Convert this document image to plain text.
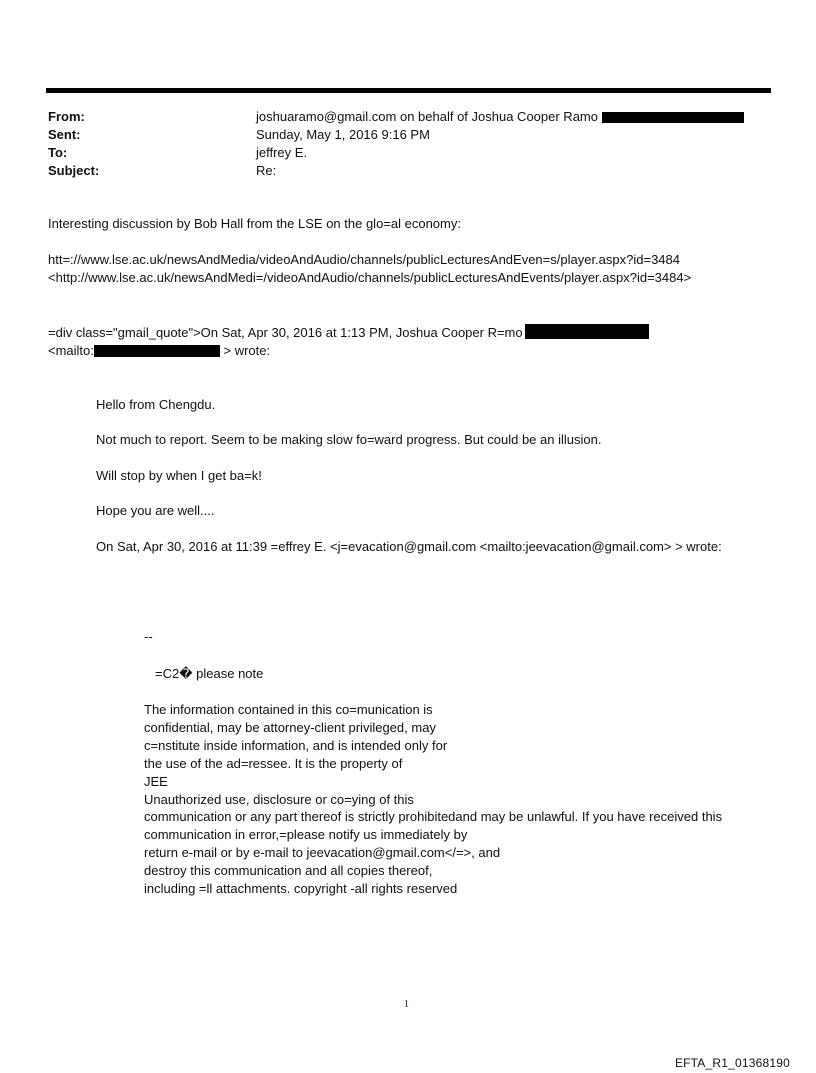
From:	joshuaramo@gmail.com on behalf of Joshua Cooper Ramo
Sent:	Sunday, May 1, 2016 9:16 PM
To:	jeffrey E.
Subject:	Re:
Interesting discussion by Bob Hall from the LSE on the glo=al economy:
htt=://www.lse.ac.uk/newsAndMedia/videoAndAudio/channels/publicLecturesAndEven=s/player.aspx?id=3484
<http://www.lse.ac.uk/newsAndMedi=/videoAndAudio/channels/publicLecturesAndEvents/player.aspx?id=3484>
=div class="gmail_quote">On Sat, Apr 30, 2016 at 1:13 PM, Joshua Cooper R=mo
<mailto:	> wrote:
Hello from Chengdu.
Not much to report. Seem to be making slow fo=ward progress. But could be an illusion.
Will stop by when I get ba=k!
Hope you are well....
On Sat, Apr 30, 2016 at 11:39 =effrey E. <j=evacation@gmail.com <mailto:jeevacation@gmail.com> > wrote:
--
=C2� please note
The information contained in this co=munication is
confidential, may be attorney-client privileged, may
c=nstitute inside information, and is intended only for
the use of the ad=ressee. It is the property of
JEE
Unauthorized use, disclosure or co=ying of this
communication or any part thereof is strictly prohibitedand may be unlawful. If you have received this
communication in error,=please notify us immediately by
return e-mail or by e-mail to jeevacation@gmail.com</=>, and
destroy this communication and all copies thereof,
including =ll attachments. copyright -all rights reserved
1
EFTA_R1_01368190
